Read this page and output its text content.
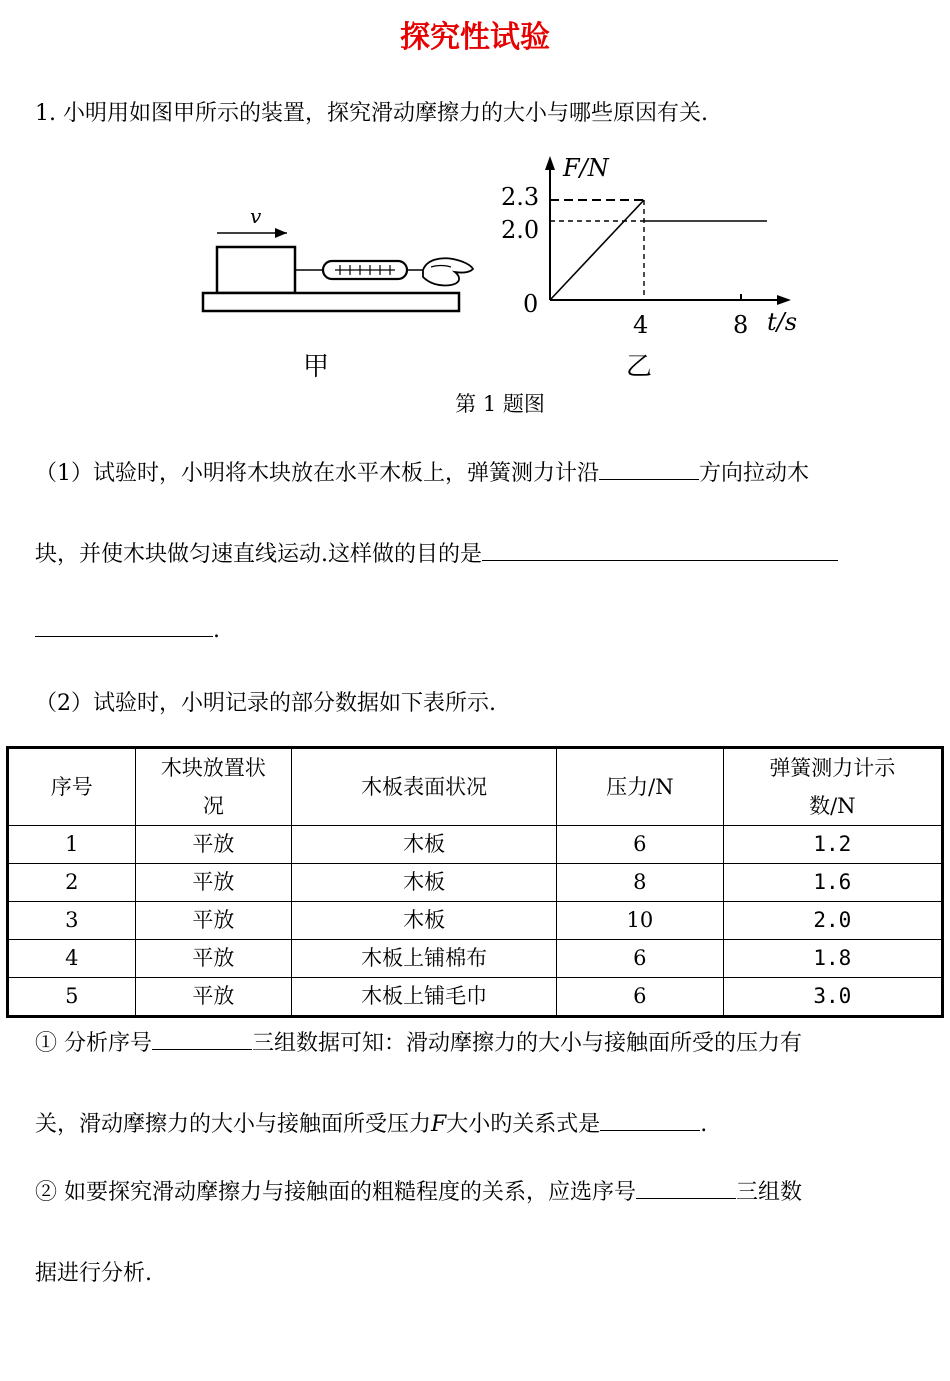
探究性试验
1. 小明用如图甲所示的装置，探究滑动摩擦力的大小与哪些原因有关.
v
甲
F/N
t/s
0
2.3
2.0
4	8
乙
第 1 题图
（1）试验时，小明将木块放在水平木板上，弹簧测力计沿	方向拉动木
块，并使木块做匀速直线运动.这样做的目的是
.
（2）试验时，小明记录的部分数据如下表所示.
序号	木块放置状
况	木板表面状况	压力/N	弹簧测力计示
数/N
1	平放	木板	6	1.2
2	平放	木板	8	1.6
3	平放	木板	10	2.0
4	平放	木板上铺棉布	6	1.8
5	平放	木板上铺毛巾	6	3.0
① 分析序号	三组数据可知：滑动摩擦力的大小与接触面所受的压力有
关，滑动摩擦力的大小与接触面所受压力F大小旳关系式是	.
② 如要探究滑动摩擦力与接触面的粗糙程度的关系，应选序号	三组数
据进行分析.
